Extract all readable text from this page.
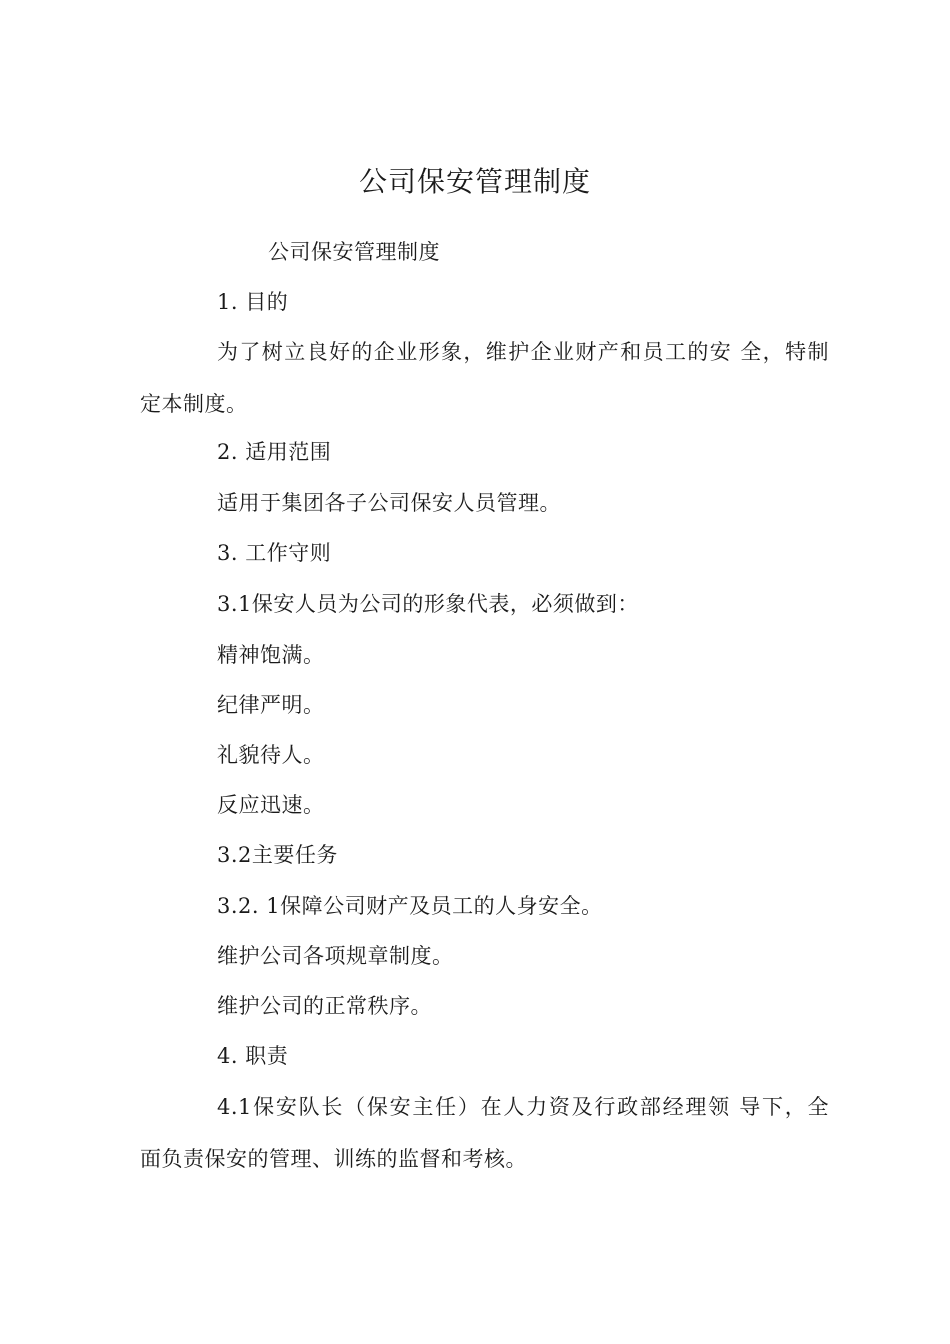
公司保安管理制度
公司保安管理制度
1. 目的
为了树立良好的企业形象，维护企业财产和员工的安 全，特制
定本制度。
2. 适用范围
适用于集团各子公司保安人员管理。
3. 工作守则
3.1保安人员为公司的形象代表，必须做到：
精神饱满。
纪律严明。
礼貌待人。
反应迅速。
3.2主要任务
3.2. 1保障公司财产及员工的人身安全。
维护公司各项规章制度。
维护公司的正常秩序。
4. 职责
4.1保安队长（保安主任）在人力资及行政部经理领 导下，全
面负责保安的管理、训练的监督和考核。
